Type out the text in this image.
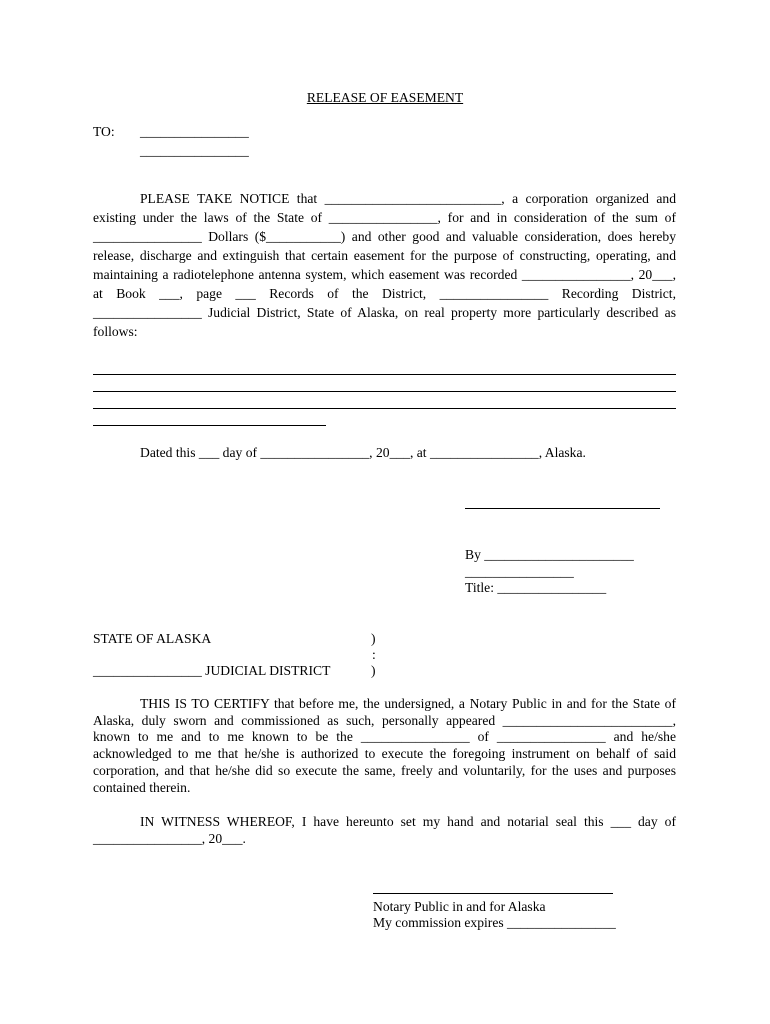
RELEASE OF EASEMENT
TO: ________________
________________

PLEASE TAKE NOTICE that __________________________, a corporation organized and existing under the laws of the State of ________________, for and in consideration of the sum of ________________ Dollars ($___________) and other good and valuable consideration, does hereby release, discharge and extinguish that certain easement for the purpose of constructing, operating, and maintaining a radiotelephone antenna system, which easement was recorded ________________, 20___, at Book ___, page ___ Records of the District, ________________ Recording District, ________________ Judicial District, State of Alaska, on real property more particularly described as follows:

Dated this ___ day of ________________, 20___, at ________________, Alaska.
By ______________________
________________
Title: ________________
STATE OF ALASKA	)
:
________________ JUDICIAL DISTRICT	)

THIS IS TO CERTIFY that before me, the undersigned, a Notary Public in and for the State of Alaska, duly sworn and commissioned as such, personally appeared _________________________, known to me and to me known to be the ________________ of ________________ and he/she acknowledged to me that he/she is authorized to execute the foregoing instrument on behalf of said corporation, and that he/she did so execute the same, freely and voluntarily, for the uses and purposes contained therein.

IN WITNESS WHEREOF, I have hereunto set my hand and notarial seal this ___ day of ________________, 20___.

Notary Public in and for Alaska
My commission expires ________________
